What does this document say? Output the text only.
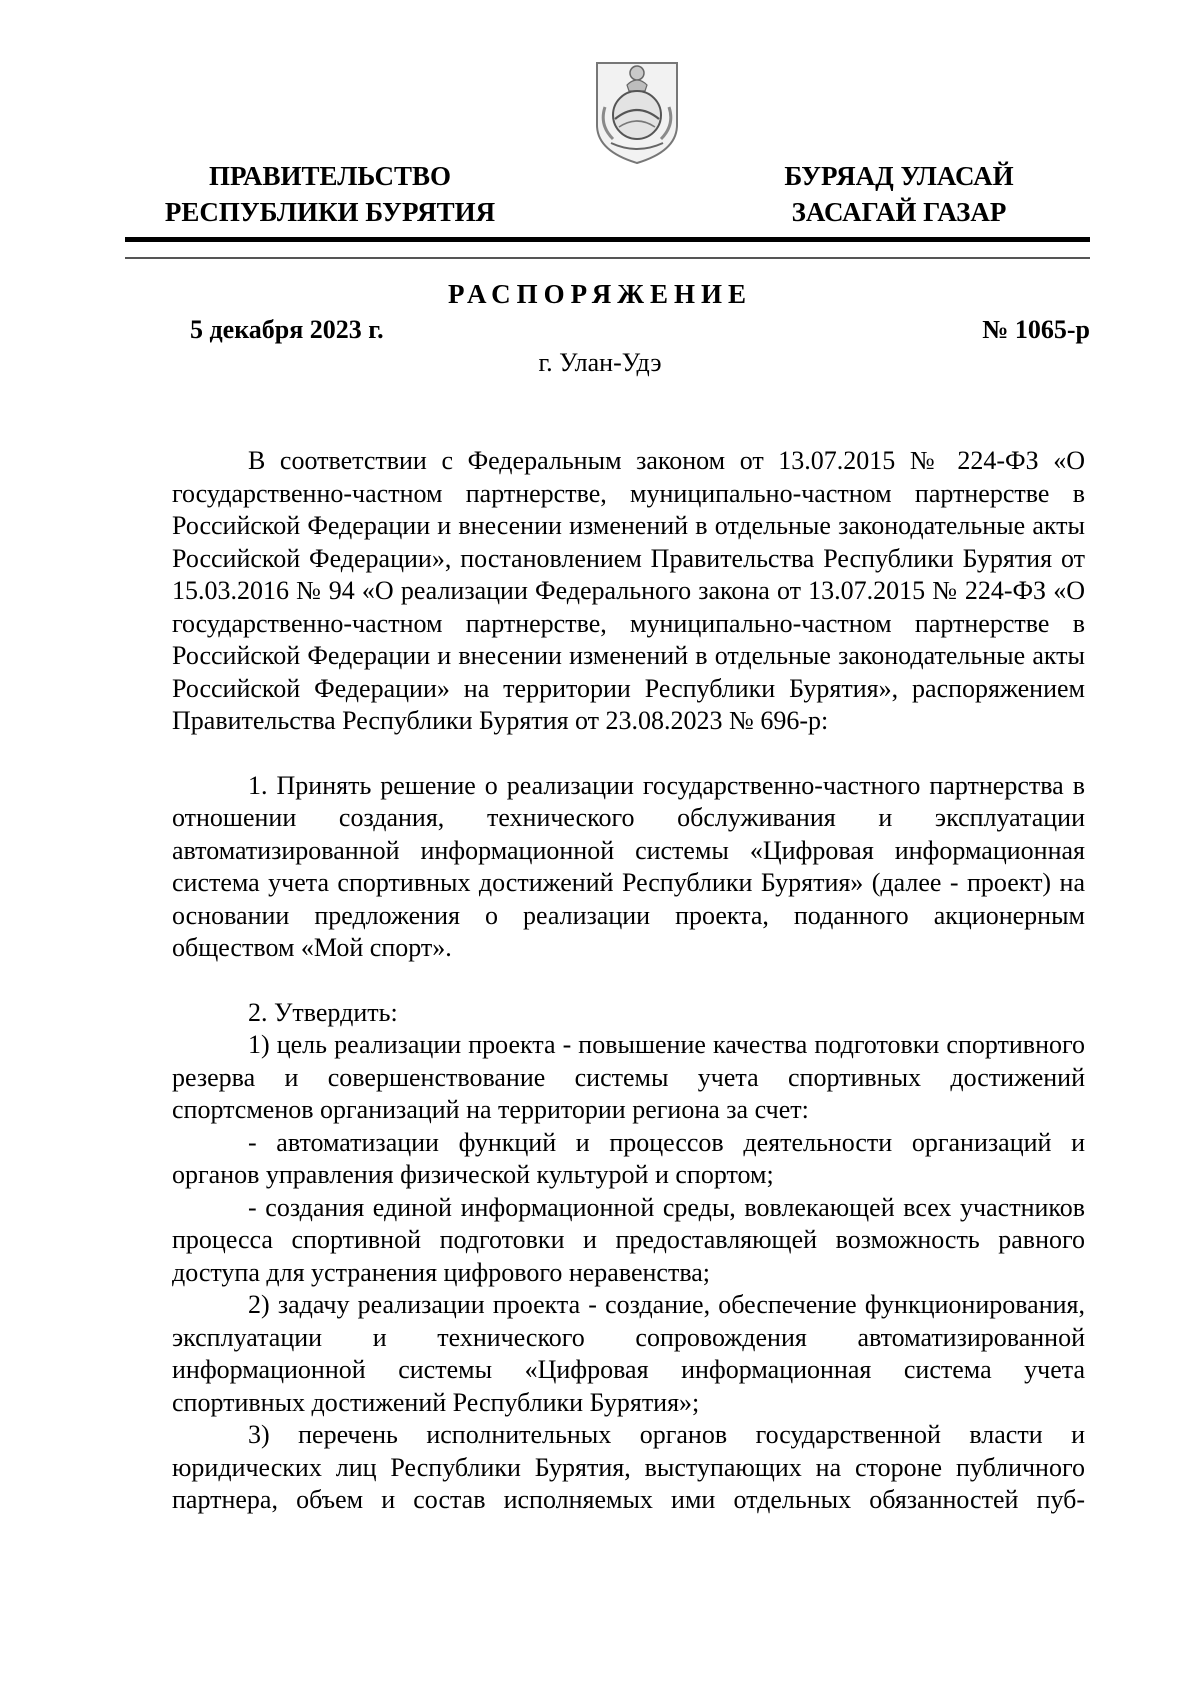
ПРАВИТЕЛЬСТВО
РЕСПУБЛИКИ БУРЯТИЯ
БУРЯАД УЛАСАЙ
ЗАСАГАЙ ГАЗАР
РАСПОРЯЖЕНИЕ
5 декабря 2023 г.	№ 1065-р
г. Улан-Удэ

В соответствии с Федеральным законом от 13.07.2015 № 224-ФЗ «О государственно-частном партнерстве, муниципально-частном партнерстве в Российской Федерации и внесении изменений в отдельные законодательные акты Российской Федерации», постановлением Правительства Республики Бурятия от 15.03.2016 № 94 «О реализации Федерального закона от 13.07.2015 № 224-ФЗ «О государственно-частном партнерстве, муниципально-частном партнерстве в Российской Федерации и внесении изменений в отдельные законодательные акты Российской Федерации» на территории Республики Бурятия», распоряжением Правительства Республики Бурятия от 23.08.2023 № 696-р:

1. Принять решение о реализации государственно-частного партнерства в отношении создания, технического обслуживания и эксплуатации автоматизированной информационной системы «Цифровая информационная система учета спортивных достижений Республики Бурятия» (далее - проект) на основании предложения о реализации проекта, поданного акционерным обществом «Мой спорт».

2. Утвердить:

1) цель реализации проекта - повышение качества подготовки спортивного резерва и совершенствование системы учета спортивных достижений спортсменов организаций на территории региона за счет:

- автоматизации функций и процессов деятельности организаций и органов управления физической культурой и спортом;

- создания единой информационной среды, вовлекающей всех участников процесса спортивной подготовки и предоставляющей возможность равного доступа для устранения цифрового неравенства;

2) задачу реализации проекта - создание, обеспечение функционирования, эксплуатации и технического сопровождения автоматизированной информационной системы «Цифровая информационная система учета спортивных достижений Республики Бурятия»;

3) перечень исполнительных органов государственной власти и юридических лиц Республики Бурятия, выступающих на стороне публичного партнера, объем и состав исполняемых ими отдельных обязанностей пуб-
